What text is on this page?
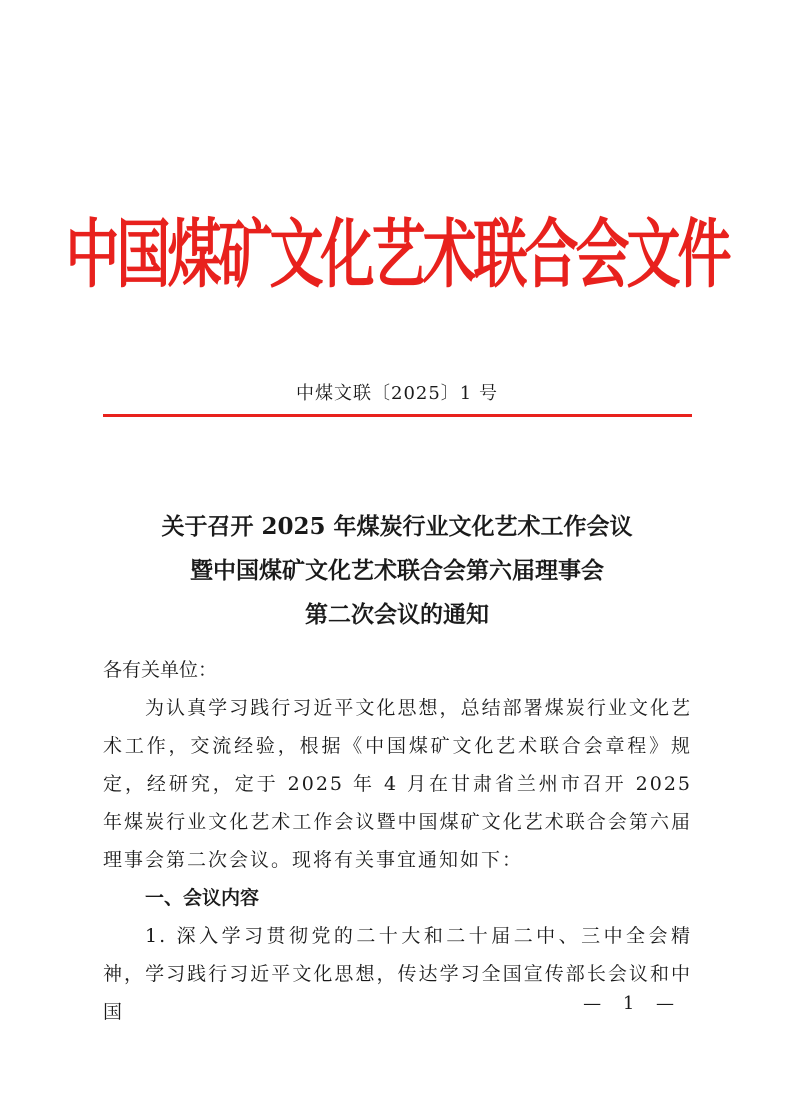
中国煤矿文化艺术联合会文件
中煤文联〔2025〕1 号
关于召开 2025 年煤炭行业文化艺术工作会议
暨中国煤矿文化艺术联合会第六届理事会
第二次会议的通知
各有关单位：
为认真学习践行习近平文化思想，总结部署煤炭行业文化艺术工作，交流经验，根据《中国煤矿文化艺术联合会章程》规定，经研究，定于 2025 年 4 月在甘肃省兰州市召开 2025 年煤炭行业文化艺术工作会议暨中国煤矿文化艺术联合会第六届理事会第二次会议。现将有关事宜通知如下：
一、会议内容
1. 深入学习贯彻党的二十大和二十届二中、三中全会精神，学习践行习近平文化思想，传达学习全国宣传部长会议和中国	— 1 —
